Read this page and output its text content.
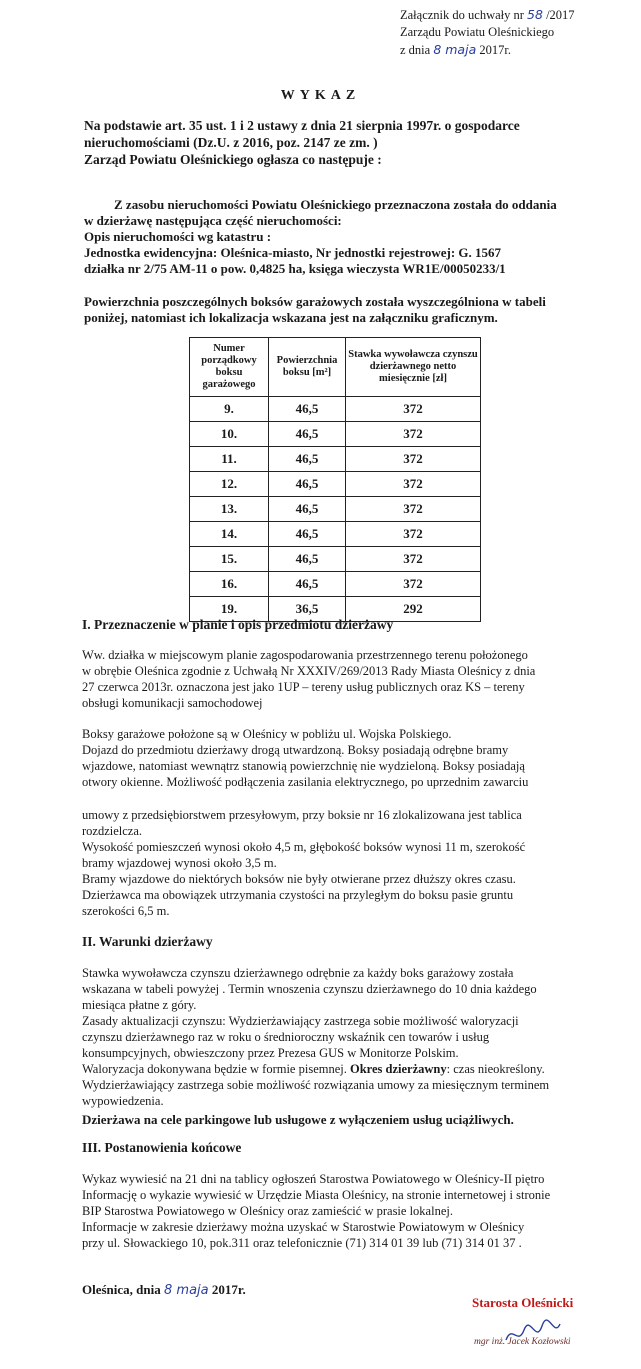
Załącznik do uchwały nr 58 /2017
Zarządu Powiatu Oleśnickiego
z dnia 8 maja 2017r.
WYKAZ
Na podstawie art. 35 ust. 1 i 2 ustawy z dnia 21 sierpnia 1997r. o gospodarce
nieruchomościami (Dz.U. z 2016, poz. 2147 ze zm. )
Zarząd Powiatu Oleśnickiego ogłasza co następuje :
Z zasobu nieruchomości Powiatu Oleśnickiego przeznaczona została do oddania
w dzierżawę następująca część nieruchomości:
Opis nieruchomości wg katastru :
Jednostka ewidencyjna: Oleśnica-miasto, Nr jednostki rejestrowej: G. 1567
działka nr 2/75 AM-11 o pow. 0,4825 ha, księga wieczysta WR1E/00050233/1
Powierzchnia poszczególnych boksów garażowych została wyszczególniona w tabeli
poniżej, natomiast ich lokalizacja wskazana jest na załączniku graficznym.
Numer porządkowy boksu garażowego	Powierzchnia boksu [m²]	Stawka wywoławcza czynszu dzierżawnego netto miesięcznie [zł]
9.	46,5	372
10.	46,5	372
11.	46,5	372
12.	46,5	372
13.	46,5	372
14.	46,5	372
15.	46,5	372
16.	46,5	372
19.	36,5	292
I. Przeznaczenie w planie i opis przedmiotu dzierżawy
Ww. działka w miejscowym planie zagospodarowania przestrzennego terenu położonego
w obrębie Oleśnica zgodnie z Uchwałą Nr XXXIV/269/2013 Rady Miasta Oleśnicy z dnia
27 czerwca 2013r. oznaczona jest jako 1UP – tereny usług publicznych oraz KS – tereny
obsługi komunikacji samochodowej
Boksy garażowe położone są w Oleśnicy w pobliżu ul. Wojska Polskiego.
Dojazd do przedmiotu dzierżawy drogą utwardzoną. Boksy posiadają odrębne bramy
wjazdowe, natomiast wewnątrz stanowią powierzchnię nie wydzieloną. Boksy posiadają
otwory okienne. Możliwość podłączenia zasilania elektrycznego, po uprzednim zawarciu
umowy z przedsiębiorstwem przesyłowym, przy boksie nr 16 zlokalizowana jest tablica
rozdzielcza.
Wysokość pomieszczeń wynosi około 4,5 m, głębokość boksów wynosi 11 m, szerokość
bramy wjazdowej wynosi około 3,5 m.
Bramy wjazdowe do niektórych boksów nie były otwierane przez dłuższy okres czasu.
Dzierżawca ma obowiązek utrzymania czystości na przyległym do boksu pasie gruntu
szerokości 6,5 m.
II. Warunki dzierżawy
Stawka wywoławcza czynszu dzierżawnego odrębnie za każdy boks garażowy została
wskazana w tabeli powyżej . Termin wnoszenia czynszu dzierżawnego do 10 dnia każdego
miesiąca płatne z góry.
Zasady aktualizacji czynszu: Wydzierżawiający zastrzega sobie możliwość waloryzacji
czynszu dzierżawnego raz w roku o średnioroczny wskaźnik cen towarów i usług
konsumpcyjnych, obwieszczony przez Prezesa GUS w Monitorze Polskim.
Waloryzacja dokonywana będzie w formie pisemnej. Okres dzierżawny: czas nieokreślony.
Wydzierżawiający zastrzega sobie możliwość rozwiązania umowy za miesięcznym terminem
wypowiedzenia.
Dzierżawa na cele parkingowe lub usługowe z wyłączeniem usług uciążliwych.
III. Postanowienia końcowe
Wykaz wywiesić na 21 dni na tablicy ogłoszeń Starostwa Powiatowego w Oleśnicy-II piętro
Informację o wykazie wywiesić w Urzędzie Miasta Oleśnicy, na stronie internetowej i stronie
BIP Starostwa Powiatowego w Oleśnicy oraz zamieścić w prasie lokalnej.
Informacje w zakresie dzierżawy można uzyskać w Starostwie Powiatowym w Oleśnicy
przy ul. Słowackiego 10, pok.311 oraz telefonicznie (71) 314 01 39 lub (71) 314 01 37 .
Oleśnica, dnia 8 maja 2017r.
Starosta Oleśnicki
mgr inż. Jacek Kozłowski
